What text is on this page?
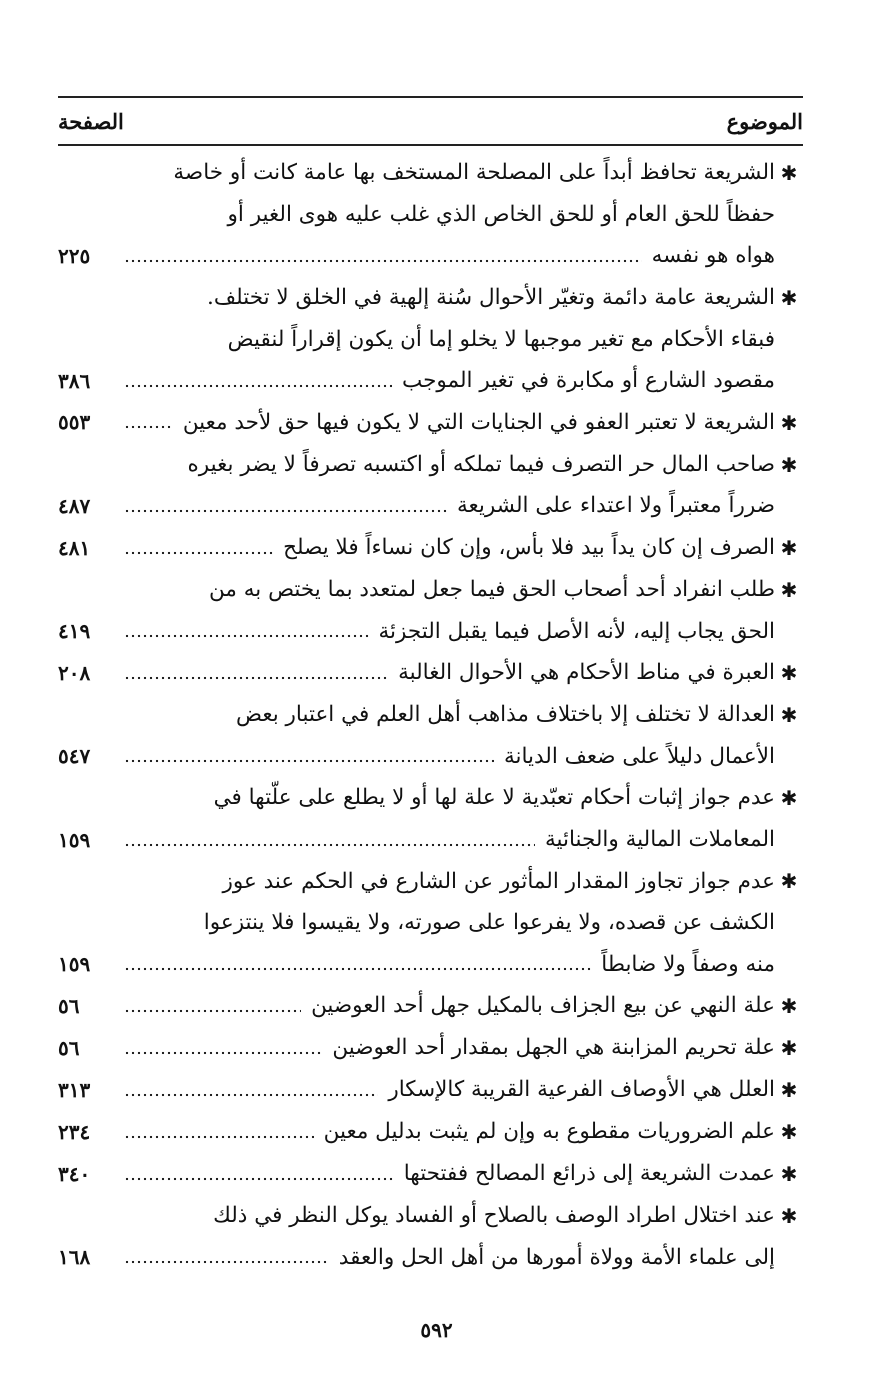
الموضوع
الصفحة
✱
الشريعة تحافظ أبداً على المصلحة المستخف بها عامة كانت أو خاصة
حفظاً للحق العام أو للحق الخاص الذي غلب عليه هوى الغير أو
هواه هو نفسه
٢٢٥
✱
الشريعة عامة دائمة وتغيّر الأحوال سُنة إلهية في الخلق لا تختلف.
فبقاء الأحكام مع تغير موجبها لا يخلو إما أن يكون إقراراً لنقيض
مقصود الشارع أو مكابرة في تغير الموجب
٣٨٦
✱
الشريعة لا تعتبر العفو في الجنايات التي لا يكون فيها حق لأحد معين
٥٥٣
✱
صاحب المال حر التصرف فيما تملكه أو اكتسبه تصرفاً لا يضر بغيره
ضرراً معتبراً ولا اعتداء على الشريعة
٤٨٧
✱
الصرف إن كان يداً بيد فلا بأس، وإن كان نساءاً فلا يصلح
٤٨١
✱
طلب انفراد أحد أصحاب الحق فيما جعل لمتعدد بما يختص به من
الحق يجاب إليه، لأنه الأصل فيما يقبل التجزئة
٤١٩
✱
العبرة في مناط الأحكام هي الأحوال الغالبة
٢٠٨
✱
العدالة لا تختلف إلا باختلاف مذاهب أهل العلم في اعتبار بعض
الأعمال دليلاً على ضعف الديانة
٥٤٧
✱
عدم جواز إثبات أحكام تعبّدية لا علة لها أو لا يطلع على علّتها في
المعاملات المالية والجنائية
١٥٩
✱
عدم جواز تجاوز المقدار المأثور عن الشارع في الحكم عند عوز
الكشف عن قصده، ولا يفرعوا على صورته، ولا يقيسوا فلا ينتزعوا
منه وصفاً ولا ضابطاً
١٥٩
✱
علة النهي عن بيع الجزاف بالمكيل جهل أحد العوضين
٥٦
✱
علة تحريم المزابنة هي الجهل بمقدار أحد العوضين
٥٦
✱
العلل هي الأوصاف الفرعية القريبة كالإسكار
٣١٣
✱
علم الضروريات مقطوع به وإن لم يثبت بدليل معين
٢٣٤
✱
عمدت الشريعة إلى ذرائع المصالح ففتحتها
٣٤٠
✱
عند اختلال اطراد الوصف بالصلاح أو الفساد يوكل النظر في ذلك
إلى علماء الأمة وولاة أمورها من أهل الحل والعقد
١٦٨
٥٩٢
